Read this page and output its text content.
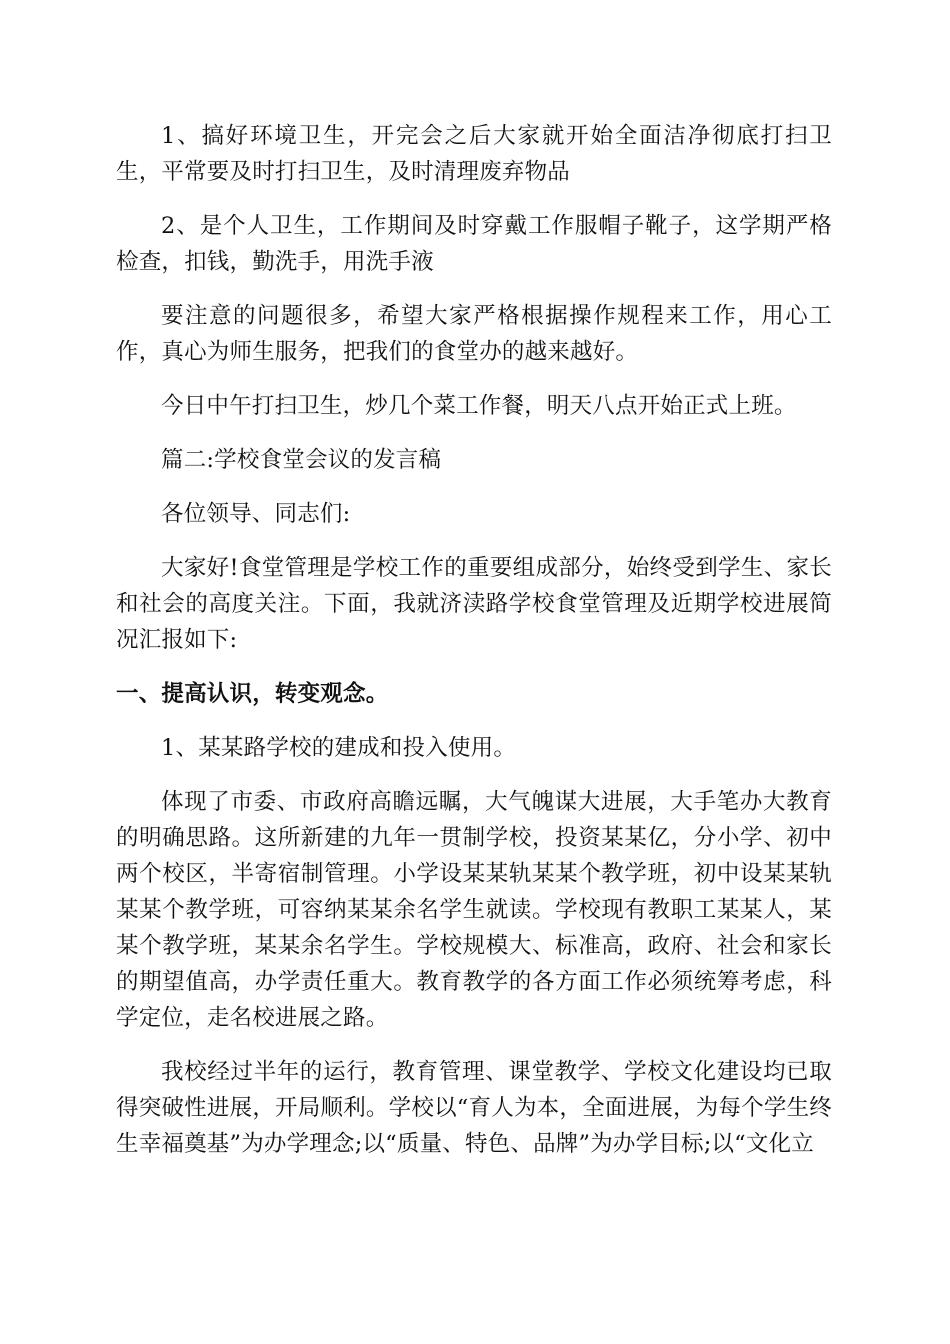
1、搞好环境卫生，开完会之后大家就开始全面洁净彻底打扫卫生，平常要及时打扫卫生，及时清理废弃物品

2、是个人卫生，工作期间及时穿戴工作服帽子靴子，这学期严格检查，扣钱，勤洗手，用洗手液

要注意的问题很多，希望大家严格根据操作规程来工作，用心工作，真心为师生服务，把我们的食堂办的越来越好。

今日中午打扫卫生，炒几个菜工作餐，明天八点开始正式上班。

篇二:学校食堂会议的发言稿

各位领导、同志们:

大家好!食堂管理是学校工作的重要组成部分，始终受到学生、家长和社会的高度关注。下面，我就济渎路学校食堂管理及近期学校进展简况汇报如下:

一、提高认识，转变观念。

1、某某路学校的建成和投入使用。

体现了市委、市政府高瞻远瞩，大气魄谋大进展，大手笔办大教育的明确思路。这所新建的九年一贯制学校，投资某某亿，分小学、初中两个校区，半寄宿制管理。小学设某某轨某某个教学班，初中设某某轨某某个教学班，可容纳某某余名学生就读。学校现有教职工某某人，某某个教学班，某某余名学生。学校规模大、标准高，政府、社会和家长的期望值高，办学责任重大。教育教学的各方面工作必须统筹考虑，科学定位，走名校进展之路。

我校经过半年的运行，教育管理、课堂教学、学校文化建设均已取得突破性进展，开局顺利。学校以“育人为本，全面进展，为每个学生终生幸福奠基”为办学理念;以“质量、特色、品牌”为办学目标;以“文化立
